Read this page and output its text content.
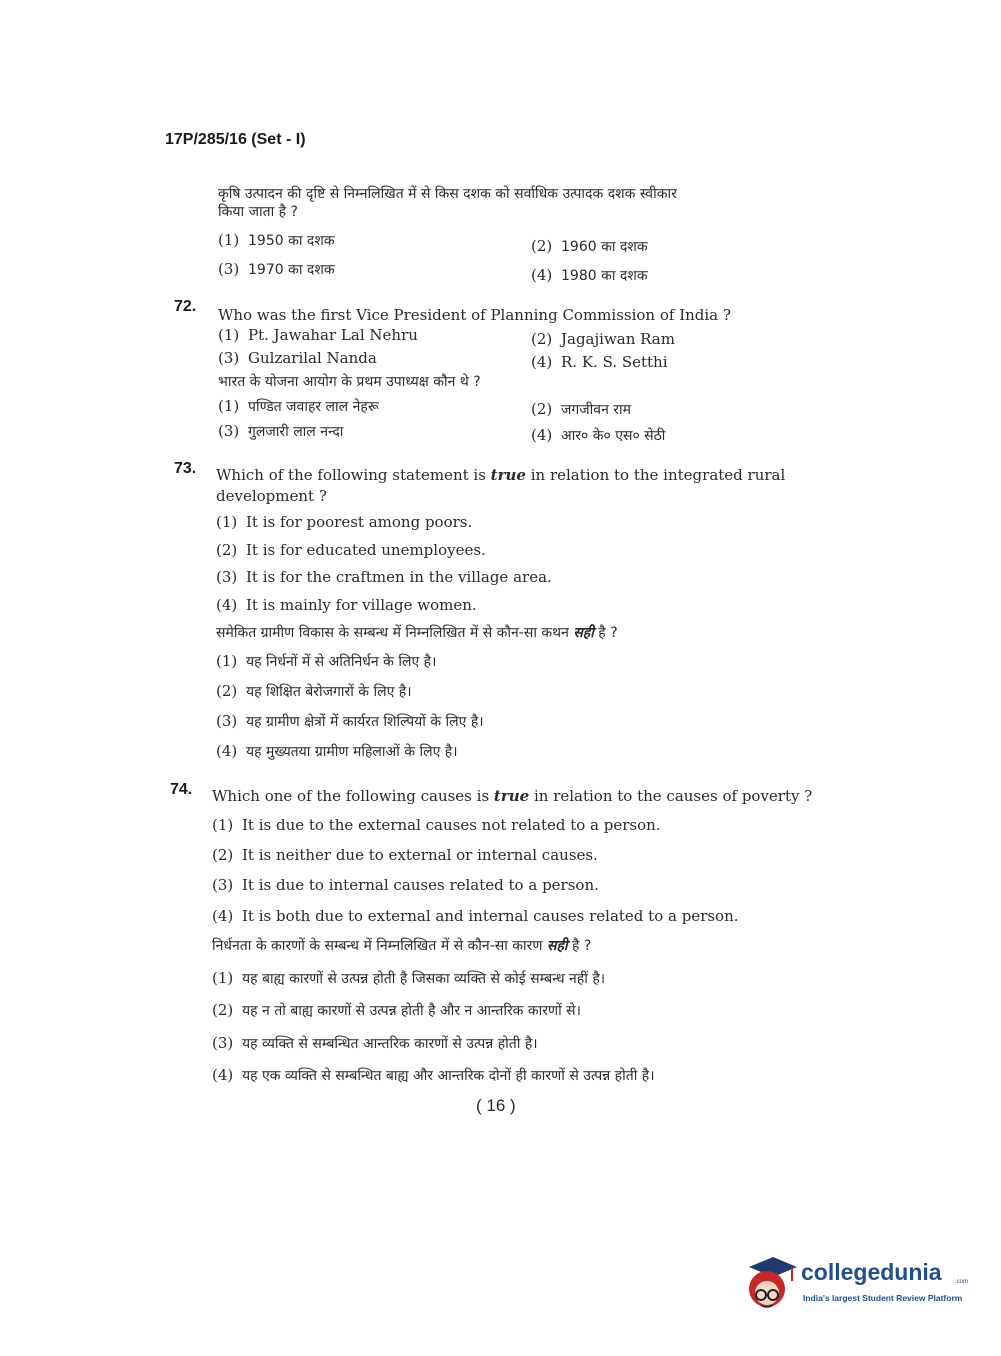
17P/285/16 (Set - I)
कृषि उत्पादन की दृष्टि से निम्नलिखित में से किस दशक को सर्वाधिक उत्पादक दशक स्वीकार
किया जाता है ?
(1) 1950 का दशक	(2) 1960 का दशक
(3) 1970 का दशक	(4) 1980 का दशक
72. Who was the first Vice President of Planning Commission of India ?
(1) Pt. Jawahar Lal Nehru	(2) Jagajiwan Ram
(3) Gulzarilal Nanda	(4) R. K. S. Setthi
भारत के योजना आयोग के प्रथम उपाध्यक्ष कौन थे ?
(1) पण्डित जवाहर लाल नेहरू	(2) जगजीवन राम
(3) गुलजारी लाल नन्दा	(4) आर० के० एस० सेठी
73. Which of the following statement is true in relation to the integrated rural
development ?
(1) It is for poorest among poors.
(2) It is for educated unemployees.
(3) It is for the craftmen in the village area.
(4) It is mainly for village women.
समेकित ग्रामीण विकास के सम्बन्ध में निम्नलिखित में से कौन-सा कथन सही है ?
(1) यह निर्धनों में से अतिनिर्धन के लिए है।
(2) यह शिक्षित बेरोजगारों के लिए है।
(3) यह ग्रामीण क्षेत्रों में कार्यरत शिल्पियों के लिए है।
(4) यह मुख्यतया ग्रामीण महिलाओं के लिए है।
74. Which one of the following causes is true in relation to the causes of poverty ?
(1) It is due to the external causes not related to a person.
(2) It is neither due to external or internal causes.
(3) It is due to internal causes related to a person.
(4) It is both due to external and internal causes related to a person.
निर्धनता के कारणों के सम्बन्ध में निम्नलिखित में से कौन-सा कारण सही है ?
(1) यह बाह्य कारणों से उत्पन्न होती है जिसका व्यक्ति से कोई सम्बन्ध नहीं है।
(2) यह न तो बाह्य कारणों से उत्पन्न होती है और न आन्तरिक कारणों से।
(3) यह व्यक्ति से सम्बन्धित आन्तरिक कारणों से उत्पन्न होती है।
(4) यह एक व्यक्ति से सम्बन्धित बाह्य और आन्तरिक दोनों ही कारणों से उत्पन्न होती है।
( 16 )
collegedunia .com
India's largest Student Review Platform
